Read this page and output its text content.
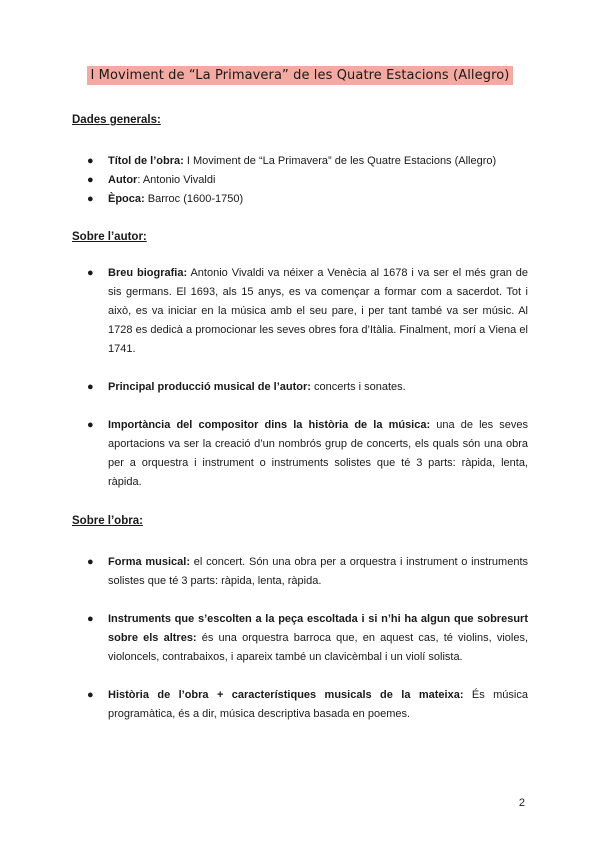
I Moviment de “La Primavera” de les Quatre Estacions (Allegro)
Dades generals:
● Títol de l’obra: I Moviment de “La Primavera” de les Quatre Estacions (Allegro)
● Autor: Antonio Vivaldi
● Època: Barroc (1600-1750)
Sobre l’autor:
● Breu biografia: Antonio Vivaldi va néixer a Venècia al 1678 i va ser el més gran de sis germans. El 1693, als 15 anys, es va començar a formar com a sacerdot. Tot i això, es va iniciar en la música amb el seu pare, i per tant també va ser músic. Al 1728 es dedicà a promocionar les seves obres fora d’Itàlia. Finalment, morí a Viena el 1741.
● Principal producció musical de l’autor: concerts i sonates.
● Importància del compositor dins la història de la música: una de les seves aportacions va ser la creació d’un nombrós grup de concerts, els quals són una obra per a orquestra i instrument o instruments solistes que té 3 parts: ràpida, lenta, ràpida.
Sobre l’obra:
● Forma musical: el concert. Són una obra per a orquestra i instrument o instruments solistes que té 3 parts: ràpida, lenta, ràpida.
● Instruments que s’escolten a la peça escoltada i si n’hi ha algun que sobresurt sobre els altres: és una orquestra barroca que, en aquest cas, té violins, violes, violoncels, contrabaixos, i apareix també un clavicèmbal i un violí solista.
● Història de l’obra + característiques musicals de la mateixa: És música programàtica, és a dir, música descriptiva basada en poemes.
2
